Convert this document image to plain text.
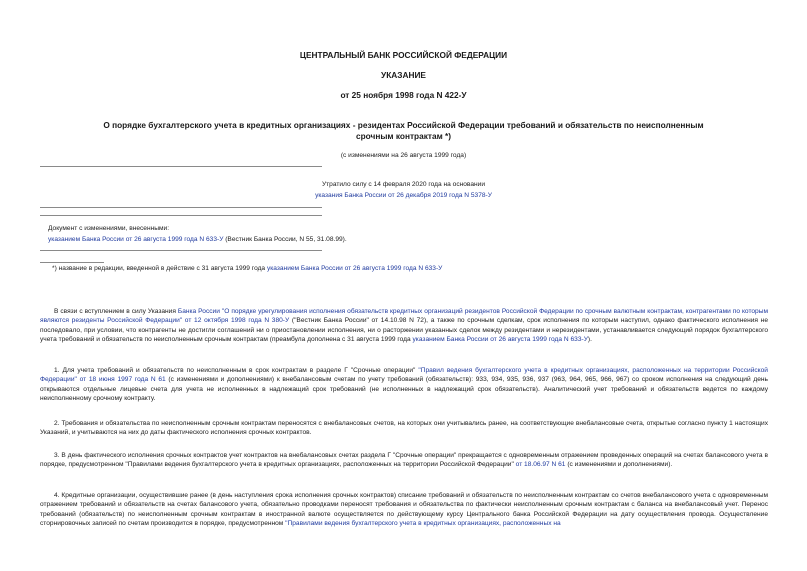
ЦЕНТРАЛЬНЫЙ БАНК РОССИЙСКОЙ ФЕДЕРАЦИИ
УКАЗАНИЕ
от 25 ноября 1998 года N 422-У
О порядке бухгалтерского учета в кредитных организациях - резидентах Российской Федерации требований и обязательств по неисполненным срочным контрактам *)
(с изменениями на 26 августа 1999 года)
Утратило силу с 14 февраля 2020 года на основании
указания Банка России от 26 декабря 2019 года N 5378-У
Документ с изменениями, внесенными:
указанием Банка России от 26 августа 1999 года N 633-У (Вестник Банка России, N 55, 31.08.99).
*) название в редакции, введенной в действие с 31 августа 1999 года указанием Банка России от 26 августа 1999 года N 633-У

В связи с вступлением в силу Указания Банка России "О порядке урегулирования исполнения обязательств кредитных организаций резидентов Российской Федерации по срочным валютным контрактам, контрагентами по которым являются резиденты Российской Федерации" от 12 октября 1998 года N 380-У ("Вестник Банка России" от 14.10.98 N 72), а также по срочным сделкам, срок исполнения по которым наступил, однако фактического исполнения не последовало, при условии, что контрагенты не достигли соглашений ни о приостановлении исполнения, ни о расторжении указанных сделок между резидентами и нерезидентами, устанавливается следующий порядок бухгалтерского учета требований и обязательств по неисполненным срочным контрактам (преамбула дополнена с 31 августа 1999 года указанием Банка России от 26 августа 1999 года N 633-У).

1. Для учета требований и обязательств по неисполненным в срок контрактам в разделе Г "Срочные операции" "Правил ведения бухгалтерского учета в кредитных организациях, расположенных на территории Российской Федерации" от 18 июня 1997 года N 61 (с изменениями и дополнениями) к внебалансовым счетам по учету требований (обязательств): 933, 934, 935, 936, 937 (963, 964, 965, 966, 967) со сроком исполнения на следующий день открываются отдельные лицевые счета для учета не исполненных в надлежащий срок требований (не исполненных в надлежащий срок обязательств). Аналитический учет требований и обязательств ведется по каждому неисполненному срочному контракту.

2. Требования и обязательства по неисполненным срочным контрактам переносятся с внебалансовых счетов, на которых они учитывались ранее, на соответствующие внебалансовые счета, открытые согласно пункту 1 настоящих Указаний, и учитываются на них до даты фактического исполнения срочных контрактов.

3. В день фактического исполнения срочных контрактов учет контрактов на внебалансовых счетах раздела Г "Срочные операции" прекращается с одновременным отражением проведенных операций на счетах балансового учета в порядке, предусмотренном "Правилами ведения бухгалтерского учета в кредитных организациях, расположенных на территории Российской Федерации" от 18.06.97 N 61 (с изменениями и дополнениями).

4. Кредитные организации, осуществившие ранее (в день наступления срока исполнения срочных контрактов) списание требований и обязательств по неисполненным контрактам со счетов внебалансового учета с одновременным отражением требований и обязательств на счетах балансового учета, обязательно проводками переносят требования и обязательства по фактически неисполненным срочным контрактам с баланса на внебалансовый учет. Перенос требований (обязательств) по неисполненным срочным контрактам в иностранной валюте осуществляется по действующему курсу Центрального банка Российской Федерации на дату осуществления провода. Осуществление сторнировочных записей по счетам производится в порядке, предусмотренном "Правилами ведения бухгалтерского учета в кредитных организациях, расположенных на
